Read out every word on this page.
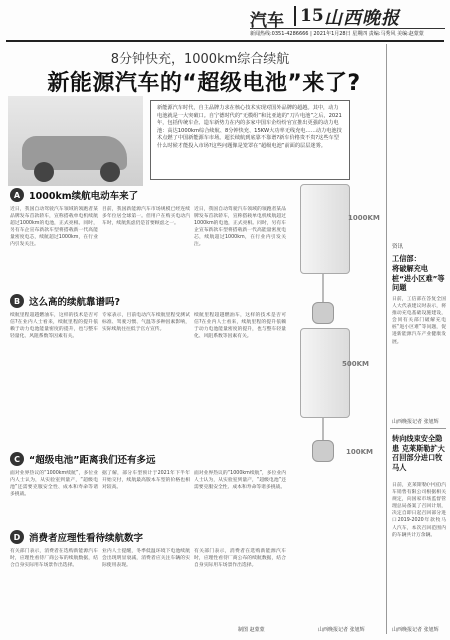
汽车 15 山西晚报
新闻热线:0351-4286666 | 2021年1月28日 星期四 责编:马秀风 美编:赵蒙蒙
8分钟快充，1000km综合续航
新能源汽车的“超级电池”来了?
新能源汽车时代，自主品牌力求在核心技术实现对国外品牌的超越。其中，动力电池就是一大突破口。自宁德时代的“无模组”和比亚迪的“刀片电池”之后，2021年，包括传统车企、造车新势力在内的多家中国车企纷纷官宣推出更强的动力电池：高达1000km综合续航、8分钟快充、15KW大功率无线充电……动力电池技术点燃了中国新能源车市场。超长续航到底靠不靠谱?新车价格贵不贵?这些车型什么时候才能投入市场?这些问题像是笼罩在“超级电池”前面的层层迷雾。
A 1000km续航电动车来了
近日，我国自动驾驶汽车领域的领跑者某品牌发布首款轿车，宣称搭载单电机续航超过1000km的电池，正式亮相。同时，另有车企宣布新款车型将搭载新一代高能量密度电芯，续航超过1000km，在行业内引发关注。
目前，我国新能源汽车市场规模已经连续多年位居全球第一。但用户在购买电动汽车时，续航焦虑仍是首要顾虑之一。
近日，我国自动驾驶汽车领域的领跑者某品牌发布首款轿车，宣称搭载单电机续航超过1000km的电池，正式亮相。同时，另有车企宣布新款车型将搭载新一代高能量密度电芯，续航超过1000km，在行业内引发关注。
B 这么高的续航靠谱吗?
续航里程超越燃油车，这样的技术是否可信?在业内人士看来，续航里程的提升依赖于动力电池能量密度的提升，也与整车轻量化、风阻系数等因素有关。
专家表示，目前电动汽车续航里程受测试标准、驾驶习惯、气温等多种因素影响，实际续航往往低于官方宣传。
续航里程超越燃油车，这样的技术是否可信?在业内人士看来，续航里程的提升依赖于动力电池能量密度的提升，也与整车轻量化、风阻系数等因素有关。
C “超级电池”距离我们还有多远
面对业界热议的“1000km续航”，多位业内人士认为，从实验室到量产，“超级电池”还需要克服安全性、成本和寿命等诸多挑战。
据了解，部分车型预计于2021年下半年开始交付，续航最高版本车型的价格也相对较高。
面对业界热议的“1000km续航”，多位业内人士认为，从实验室到量产，“超级电池”还需要克服安全性、成本和寿命等诸多挑战。
D 消费者应理性看待续航数字
有关部门表示，消费者在选购新能源汽车时，应理性看待厂商公布的续航数据，结合自身实际用车场景作出选择。
业内人士提醒，冬季低温环境下电池续航会出现明显衰减，消费者应关注车辆的实际使用表现。
有关部门表示，消费者在选购新能源汽车时，应理性看待厂商公布的续航数据，结合自身实际用车场景作出选择。
制图 赵蒙蒙
1000KM
500KM
100KM
资讯
工信部：
将破解充电桩“进小区难”等问题
日前，工信部在答复全国人大代表建议时表示，将推动充电基础设施建设，会同有关部门破解充电桩“进小区难”等问题，促进新能源汽车产业健康发展。
山西晚报记者 张旭辉
转向线束安全隐患 克莱斯勒扩大召回部分进口牧马人
日前，克莱斯勒(中国)汽车销售有限公司根据相关规定，向国家市场监督管理总局备案了召回计划，决定自即日起召回部分进口2019-2020年款牧马人汽车，本次召回范围内的车辆共计万余辆。
山西晚报记者 张旭辉
山西晚报记者 张旭辉
